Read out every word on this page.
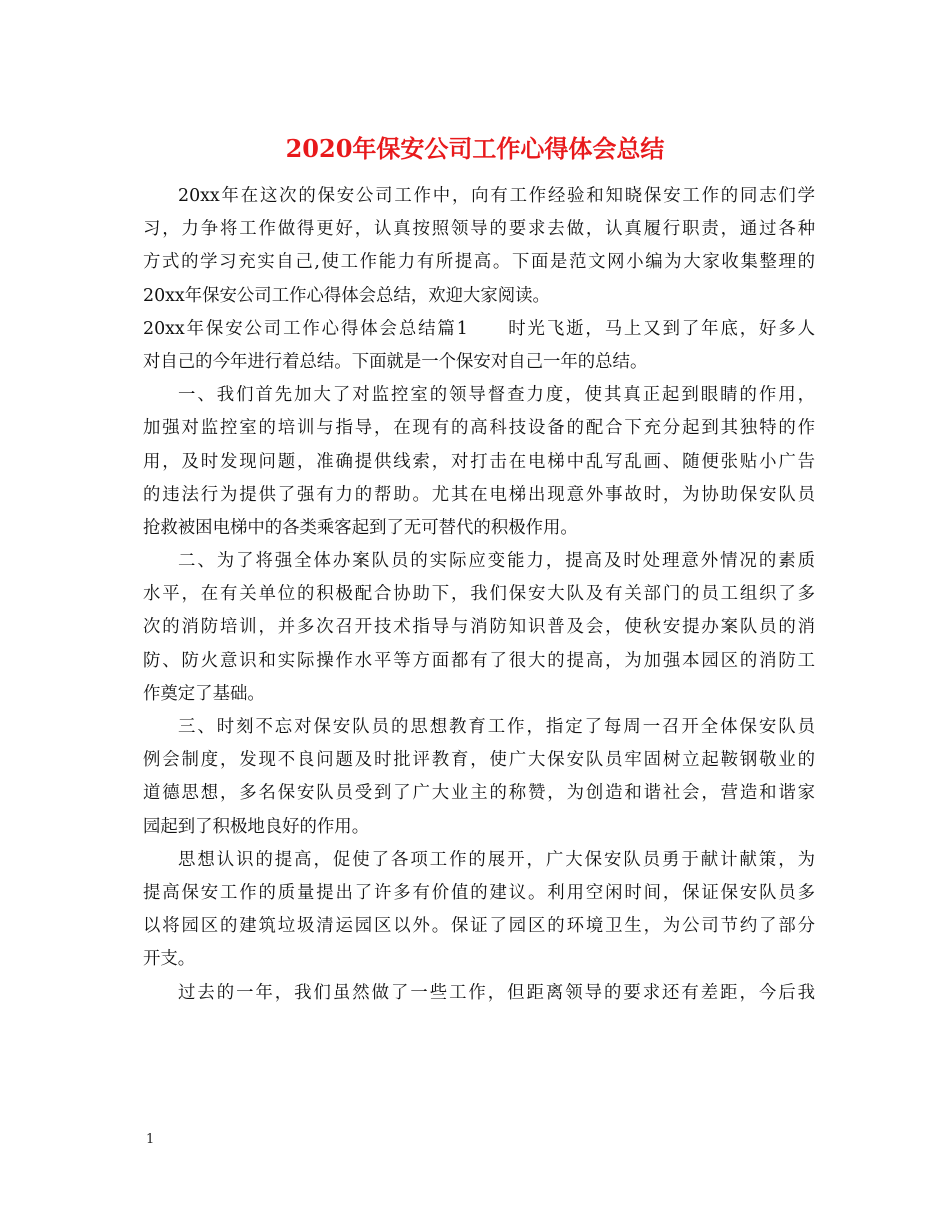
2020年保安公司工作心得体会总结
20xx年在这次的保安公司工作中，向有工作经验和知晓保安工作的同志们学
习，力争将工作做得更好，认真按照领导的要求去做，认真履行职责，通过各种
方式的学习充实自己,使工作能力有所提高。下面是范文网小编为大家收集整理的
20xx年保安公司工作心得体会总结，欢迎大家阅读。
20xx年保安公司工作心得体会总结篇1　　时光飞逝，马上又到了年底，好多人
对自己的今年进行着总结。下面就是一个保安对自己一年的总结。
一、我们首先加大了对监控室的领导督查力度，使其真正起到眼睛的作用，
加强对监控室的培训与指导，在现有的高科技设备的配合下充分起到其独特的作
用，及时发现问题，准确提供线索，对打击在电梯中乱写乱画、随便张贴小广告
的违法行为提供了强有力的帮助。尤其在电梯出现意外事故时，为协助保安队员
抢救被困电梯中的各类乘客起到了无可替代的积极作用。
二、为了将强全体办案队员的实际应变能力，提高及时处理意外情况的素质
水平，在有关单位的积极配合协助下，我们保安大队及有关部门的员工组织了多
次的消防培训，并多次召开技术指导与消防知识普及会，使秋安提办案队员的消
防、防火意识和实际操作水平等方面都有了很大的提高，为加强本园区的消防工
作奠定了基础。
三、时刻不忘对保安队员的思想教育工作，指定了每周一召开全体保安队员
例会制度，发现不良问题及时批评教育，使广大保安队员牢固树立起鞍钢敬业的
道德思想，多名保安队员受到了广大业主的称赞，为创造和谐社会，营造和谐家
园起到了积极地良好的作用。
思想认识的提高，促使了各项工作的展开，广大保安队员勇于献计献策，为
提高保安工作的质量提出了许多有价值的建议。利用空闲时间，保证保安队员多
以将园区的建筑垃圾清运园区以外。保证了园区的环境卫生，为公司节约了部分
开支。
过去的一年，我们虽然做了一些工作，但距离领导的要求还有差距，今后我
1
